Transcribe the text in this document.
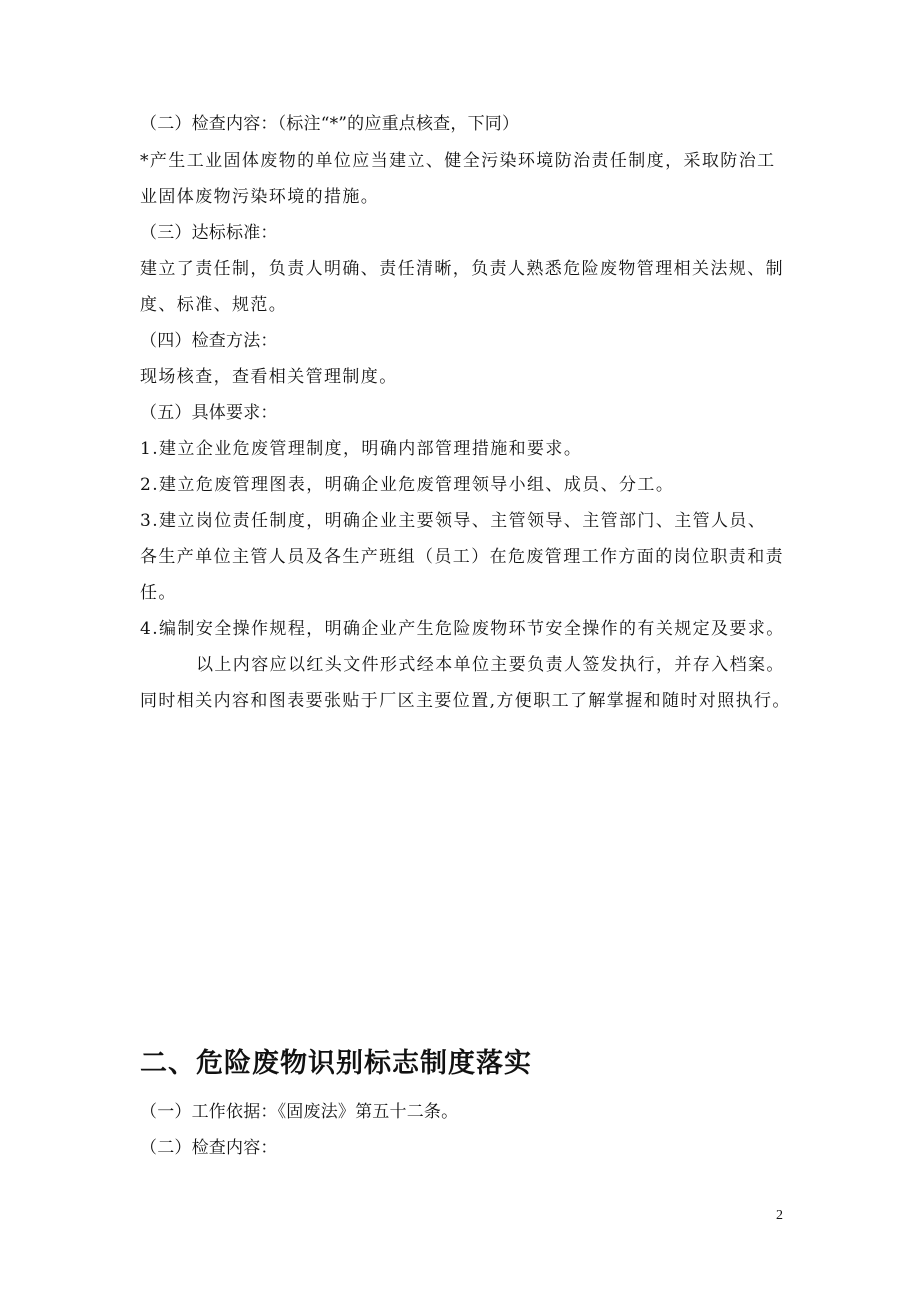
（二）检查内容：（标注“*”的应重点核查，下同）
*产生工业固体废物的单位应当建立、健全污染环境防治责任制度，采取防治工
业固体废物污染环境的措施。
（三）达标标准：
建立了责任制，负责人明确、责任清晰，负责人熟悉危险废物管理相关法规、制
度、标准、规范。
（四）检查方法：
现场核查，查看相关管理制度。
（五）具体要求：
1.建立企业危废管理制度，明确内部管理措施和要求。
2.建立危废管理图表，明确企业危废管理领导小组、成员、分工。
3.建立岗位责任制度，明确企业主要领导、主管领导、主管部门、主管人员、
各生产单位主管人员及各生产班组（员工）在危废管理工作方面的岗位职责和责
任。
4.编制安全操作规程，明确企业产生危险废物环节安全操作的有关规定及要求。
以上内容应以红头文件形式经本单位主要负责人签发执行，并存入档案。
同时相关内容和图表要张贴于厂区主要位置,方便职工了解掌握和随时对照执行。
二、危险废物识别标志制度落实
（一）工作依据：《固废法》第五十二条。
（二）检查内容：
2
